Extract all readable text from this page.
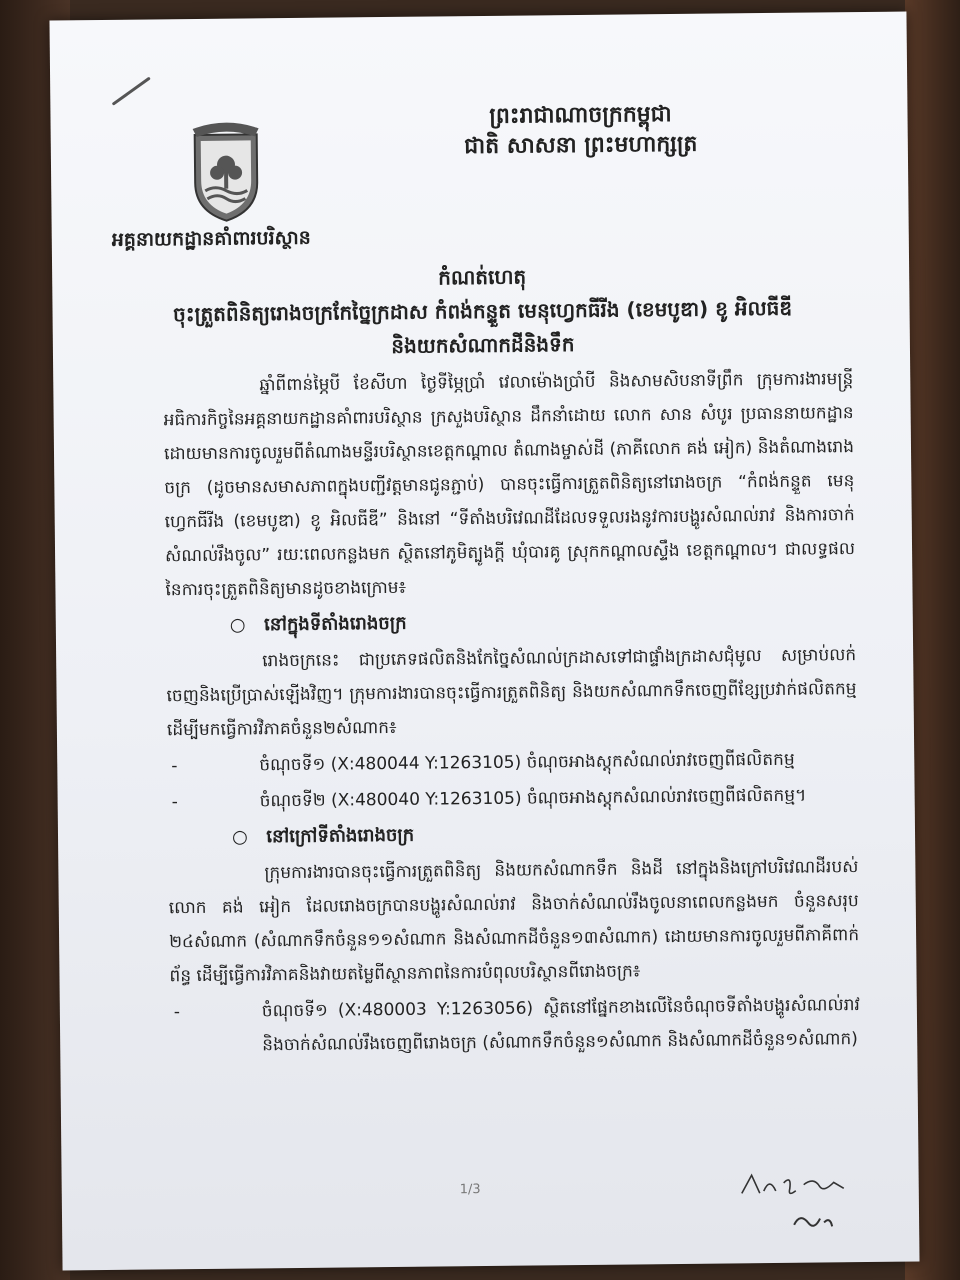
ព្រះរាជាណាចក្រកម្ពុជា
ជាតិ សាសនា ព្រះមហាក្សត្រ
អគ្គនាយកដ្ឋានគាំពារបរិស្ថាន
កំណត់ហេតុ
ចុះត្រួតពិនិត្យរោងចក្រកែច្នៃក្រដាស កំពង់កន្ទួត មេនុហ្វេកធីរីង (ខេមបូឌា) ខូ អិលធីឌី
និងយកសំណាកដីនិងទឹក

ឆ្នាំពីពាន់ម្ភៃបី ខែសីហា ថ្ងៃទីម្ភៃប្រាំ វេលាម៉ោងប្រាំបី និងសាមសិបនាទីព្រឹក ក្រុមការងារមន្ត្រីអធិការកិច្ចនៃអគ្គនាយកដ្ឋានគាំពារបរិស្ថាន ក្រសួងបរិស្ថាន ដឹកនាំដោយ លោក សាន សំបូរ ប្រធាននាយកដ្ឋាន ដោយមានការចូលរួមពីតំណាងមន្ទីរបរិស្ថានខេត្តកណ្ដាល តំណាងម្ចាស់ដី (ភាគីលោក គង់ អៀក) និងតំណាងរោងចក្រ (ដូចមានសមាសភាពក្នុងបញ្ជីវត្តមានជូនភ្ជាប់) បានចុះធ្វើការត្រួតពិនិត្យនៅរោងចក្រ “កំពង់កន្ទួត មេនុហ្វេកធីរីង (ខេមបូឌា) ខូ អិលធីឌី” និងនៅ “ទីតាំងបរិវេណដីដែលទទួលរងនូវការបង្ហូរសំណល់រាវ និងការចាក់សំណល់រឹងចូល” រយៈពេលកន្លងមក ស្ថិតនៅភូមិត្បូងក្តី ឃុំបារគូ ស្រុកកណ្ដាលស្ទឹង ខេត្តកណ្ដាល។ ជាលទ្ធផលនៃការចុះត្រួតពិនិត្យមានដូចខាងក្រោម៖

○ នៅក្នុងទីតាំងរោងចក្រ

រោងចក្រនេះ ជាប្រភេទផលិតនិងកែច្នៃសំណល់ក្រដាសទៅជាផ្ទាំងក្រដាសជុំមូល សម្រាប់លក់ចេញនិងប្រើប្រាស់ឡើងវិញ។ ក្រុមការងារបានចុះធ្វើការត្រួតពិនិត្យ និងយកសំណាកទឹកចេញពីខ្សែប្រវាក់ផលិតកម្ម ដើម្បីមកធ្វើការវិភាគចំនួន២សំណាក៖

-	ចំណុចទី១ (X:480044 Y:1263105) ចំណុចអាងស្តុកសំណល់រាវចេញពីផលិតកម្ម
-	ចំណុចទី២ (X:480040 Y:1263105) ចំណុចអាងស្តុកសំណល់រាវចេញពីផលិតកម្ម។
○ នៅក្រៅទីតាំងរោងចក្រ

ក្រុមការងារបានចុះធ្វើការត្រួតពិនិត្យ និងយកសំណាកទឹក និងដី នៅក្នុងនិងក្រៅបរិវេណដីរបស់លោក គង់ អៀក ដែលរោងចក្របានបង្ហូរសំណល់រាវ និងចាក់សំណល់រឹងចូលនាពេលកន្លងមក ចំនួនសរុប ២៤សំណាក (សំណាកទឹកចំនួន១១សំណាក និងសំណាកដីចំនួន១៣សំណាក) ដោយមានការចូលរួមពីភាគីពាក់ព័ន្ធ ដើម្បីធ្វើការវិភាគនិងវាយតម្លៃពីស្ថានភាពនៃការបំពុលបរិស្ថានពីរោងចក្រ៖

-	ចំណុចទី១ (X:480003 Y:1263056) ស្ថិតនៅផ្នែកខាងលើនៃចំណុចទីតាំងបង្ហូរសំណល់រាវ និងចាក់សំណល់រឹងចេញពីរោងចក្រ (សំណាកទឹកចំនួន១សំណាក និងសំណាកដីចំនួន១សំណាក)
1/3
